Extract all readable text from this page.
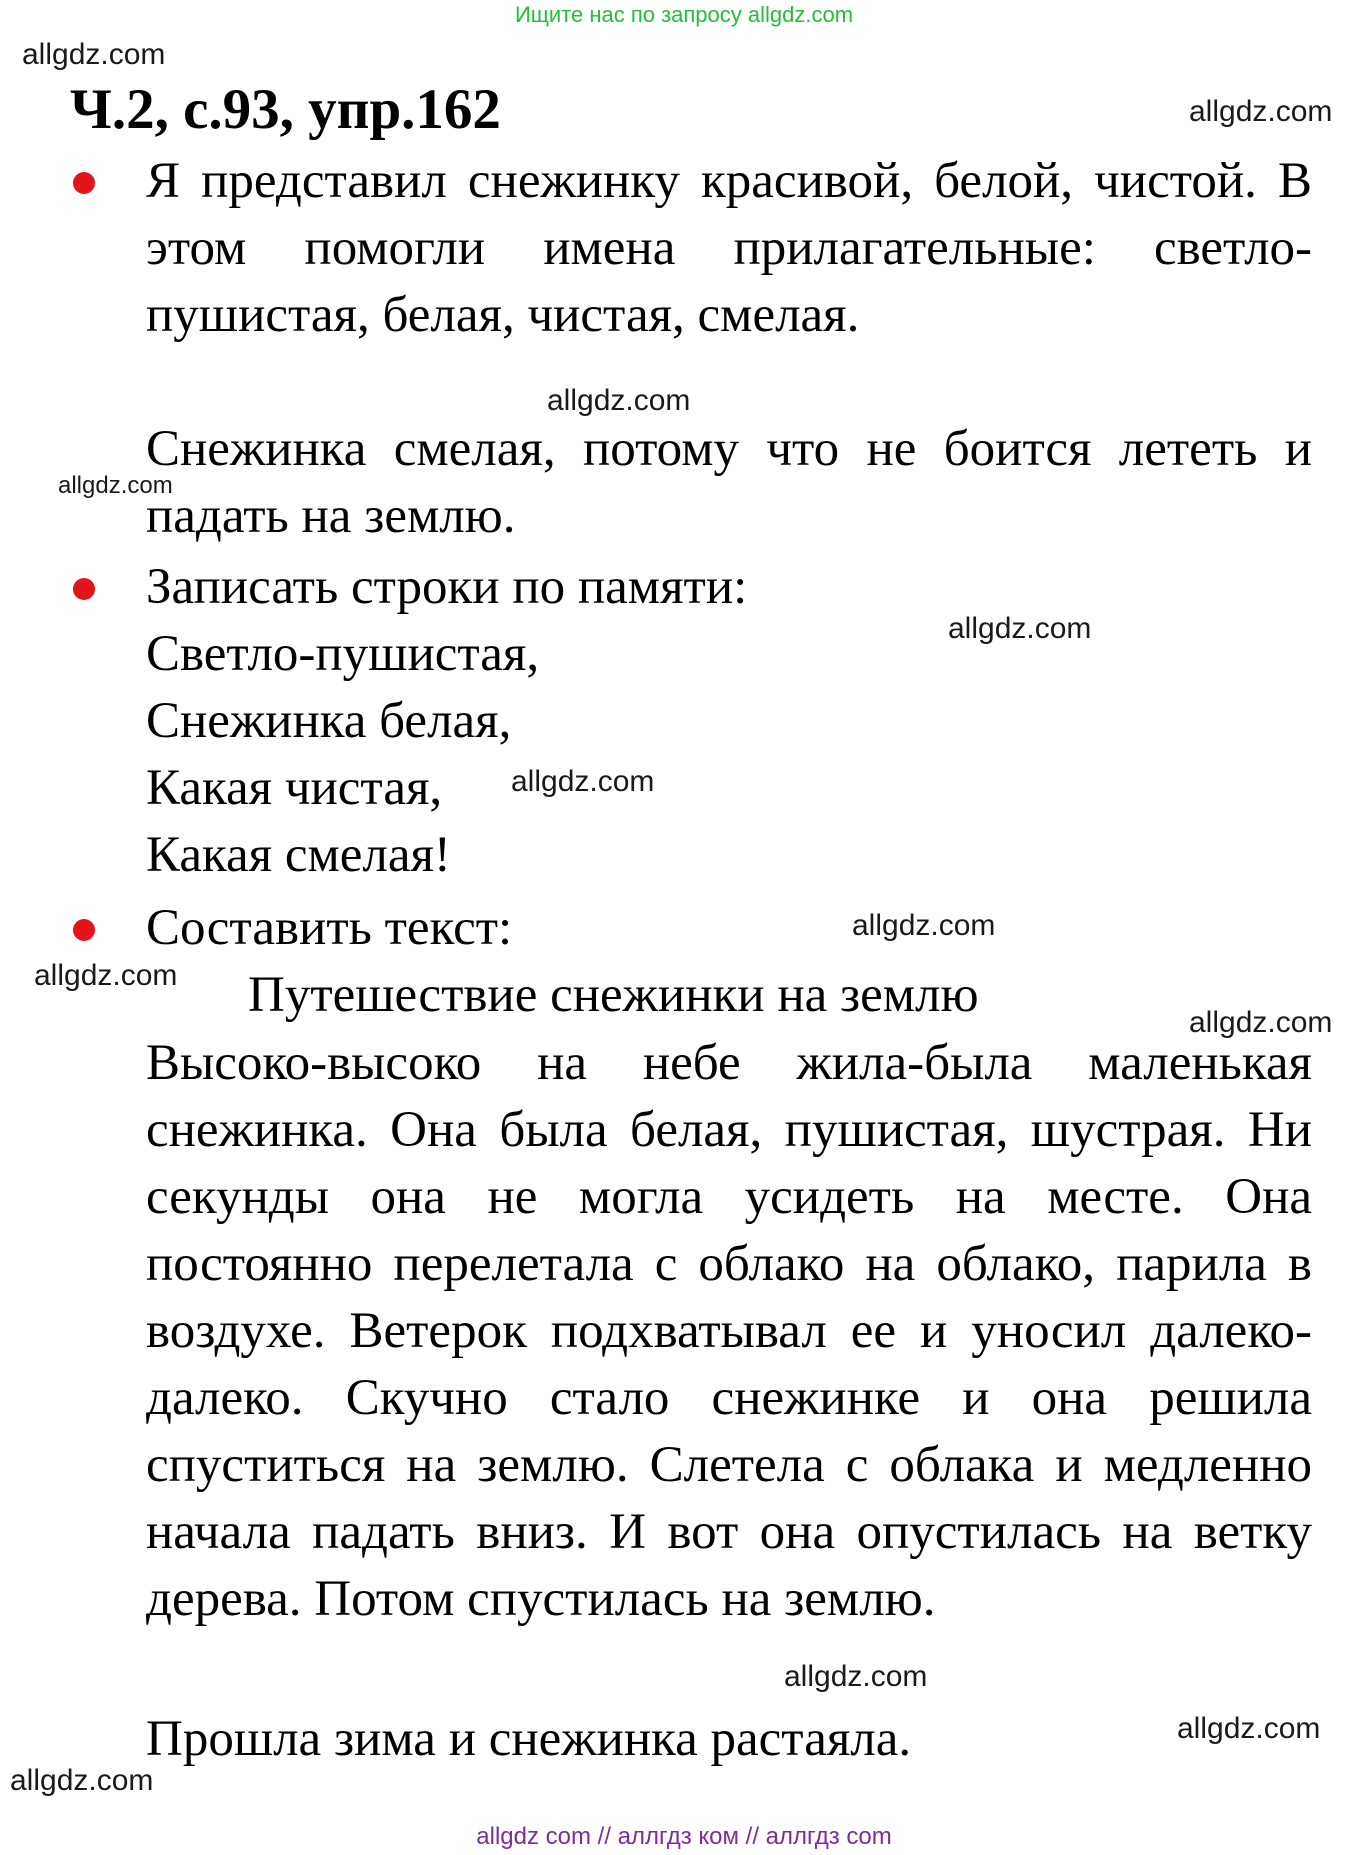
Ищите нас по запросу allgdz.com
allgdz.com
Ч.2, с.93, упр.162	allgdz.com
Я представил снежинку красивой, белой, чистой. В этом помогли имена прилагательные: светло-пушистая, белая, чистая, смелая.
allgdz.com
Снежинка смелая, потому что не боится лететь и падать на землю.
allgdz.com
Записать строки по памяти:
Светло-пушистая,
Снежинка белая,
Какая чистая,
Какая смелая!
allgdz.com
allgdz.com
Составить текст:	allgdz.com
allgdz.com Путешествие снежинки на землю	allgdz.com
Высоко-высоко на небе жила-была маленькая снежинка. Она была белая, пушистая, шустрая. Ни секунды она не могла усидеть на месте. Она постоянно перелетала с облако на облако, парила в воздухе. Ветерок подхватывал ее и уносил далеко-далеко. Скучно стало снежинке и она решила спуститься на землю. Слетела с облака и медленно начала падать вниз. И вот она опустилась на ветку дерева. Потом спустилась на землю.
allgdz.com
Прошла зима и снежинка растаяла.	allgdz.com
allgdz.com
allgdz com // аллгдз ком // аллгдз com
